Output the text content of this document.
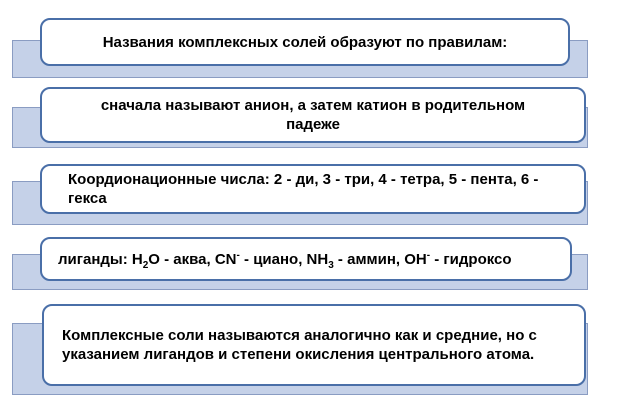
Названия комплексных солей образуют по правилам:
сначала называют анион, а затем катион в родительном падеже
Коордионационные числа: 2 - ди, 3 - три, 4 - тетра, 5 - пента, 6 - гекса
лиганды: $H_2O$ - аква, CN- - циано, $NH_3$ - аммин, OH- - гидроксо
Комплексные соли называются аналогично как и средние, но с указанием лигандов и степени окисления центрального атома.
